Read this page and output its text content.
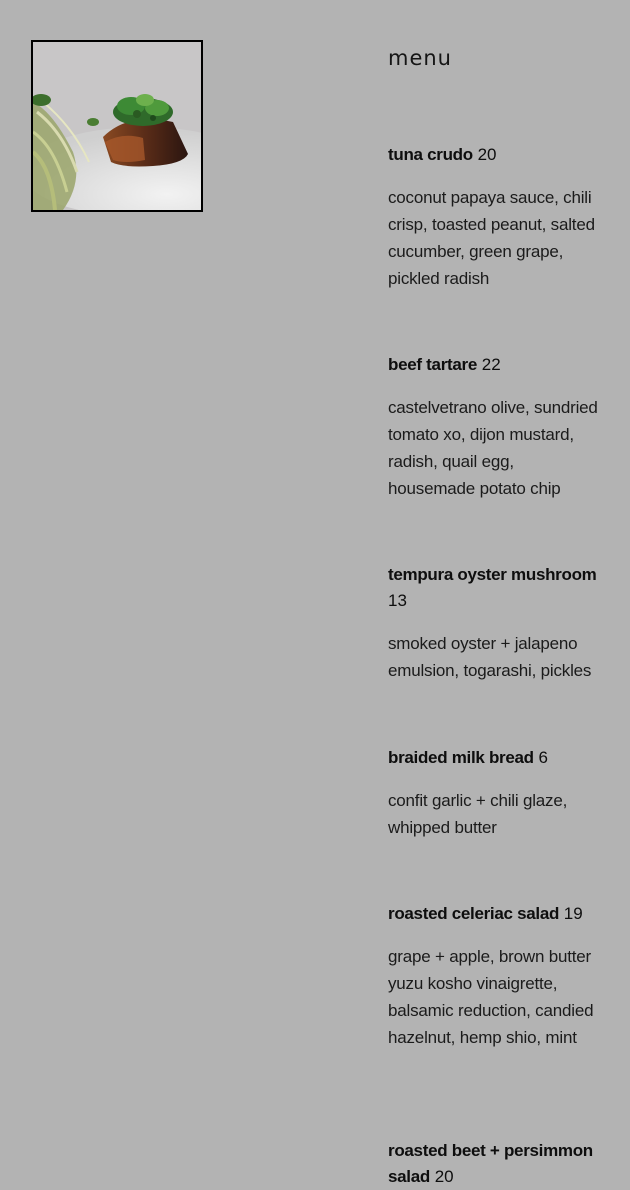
menu

tuna crudo 20

coconut papaya sauce, chili crisp, toasted peanut, salted cucumber, green grape, pickled radish

beef tartare 22

castelvetrano olive, sundried tomato xo, dijon mustard, radish, quail egg, housemade potato chip

tempura oyster mushroom 13

smoked oyster + jalapeno emulsion, togarashi, pickles

braided milk bread 6

confit garlic + chili glaze, whipped butter

roasted celeriac salad 19

grape + apple, brown butter yuzu kosho vinaigrette, balsamic reduction, candied hazelnut, hemp shio, mint

roasted beet + persimmon salad 20
